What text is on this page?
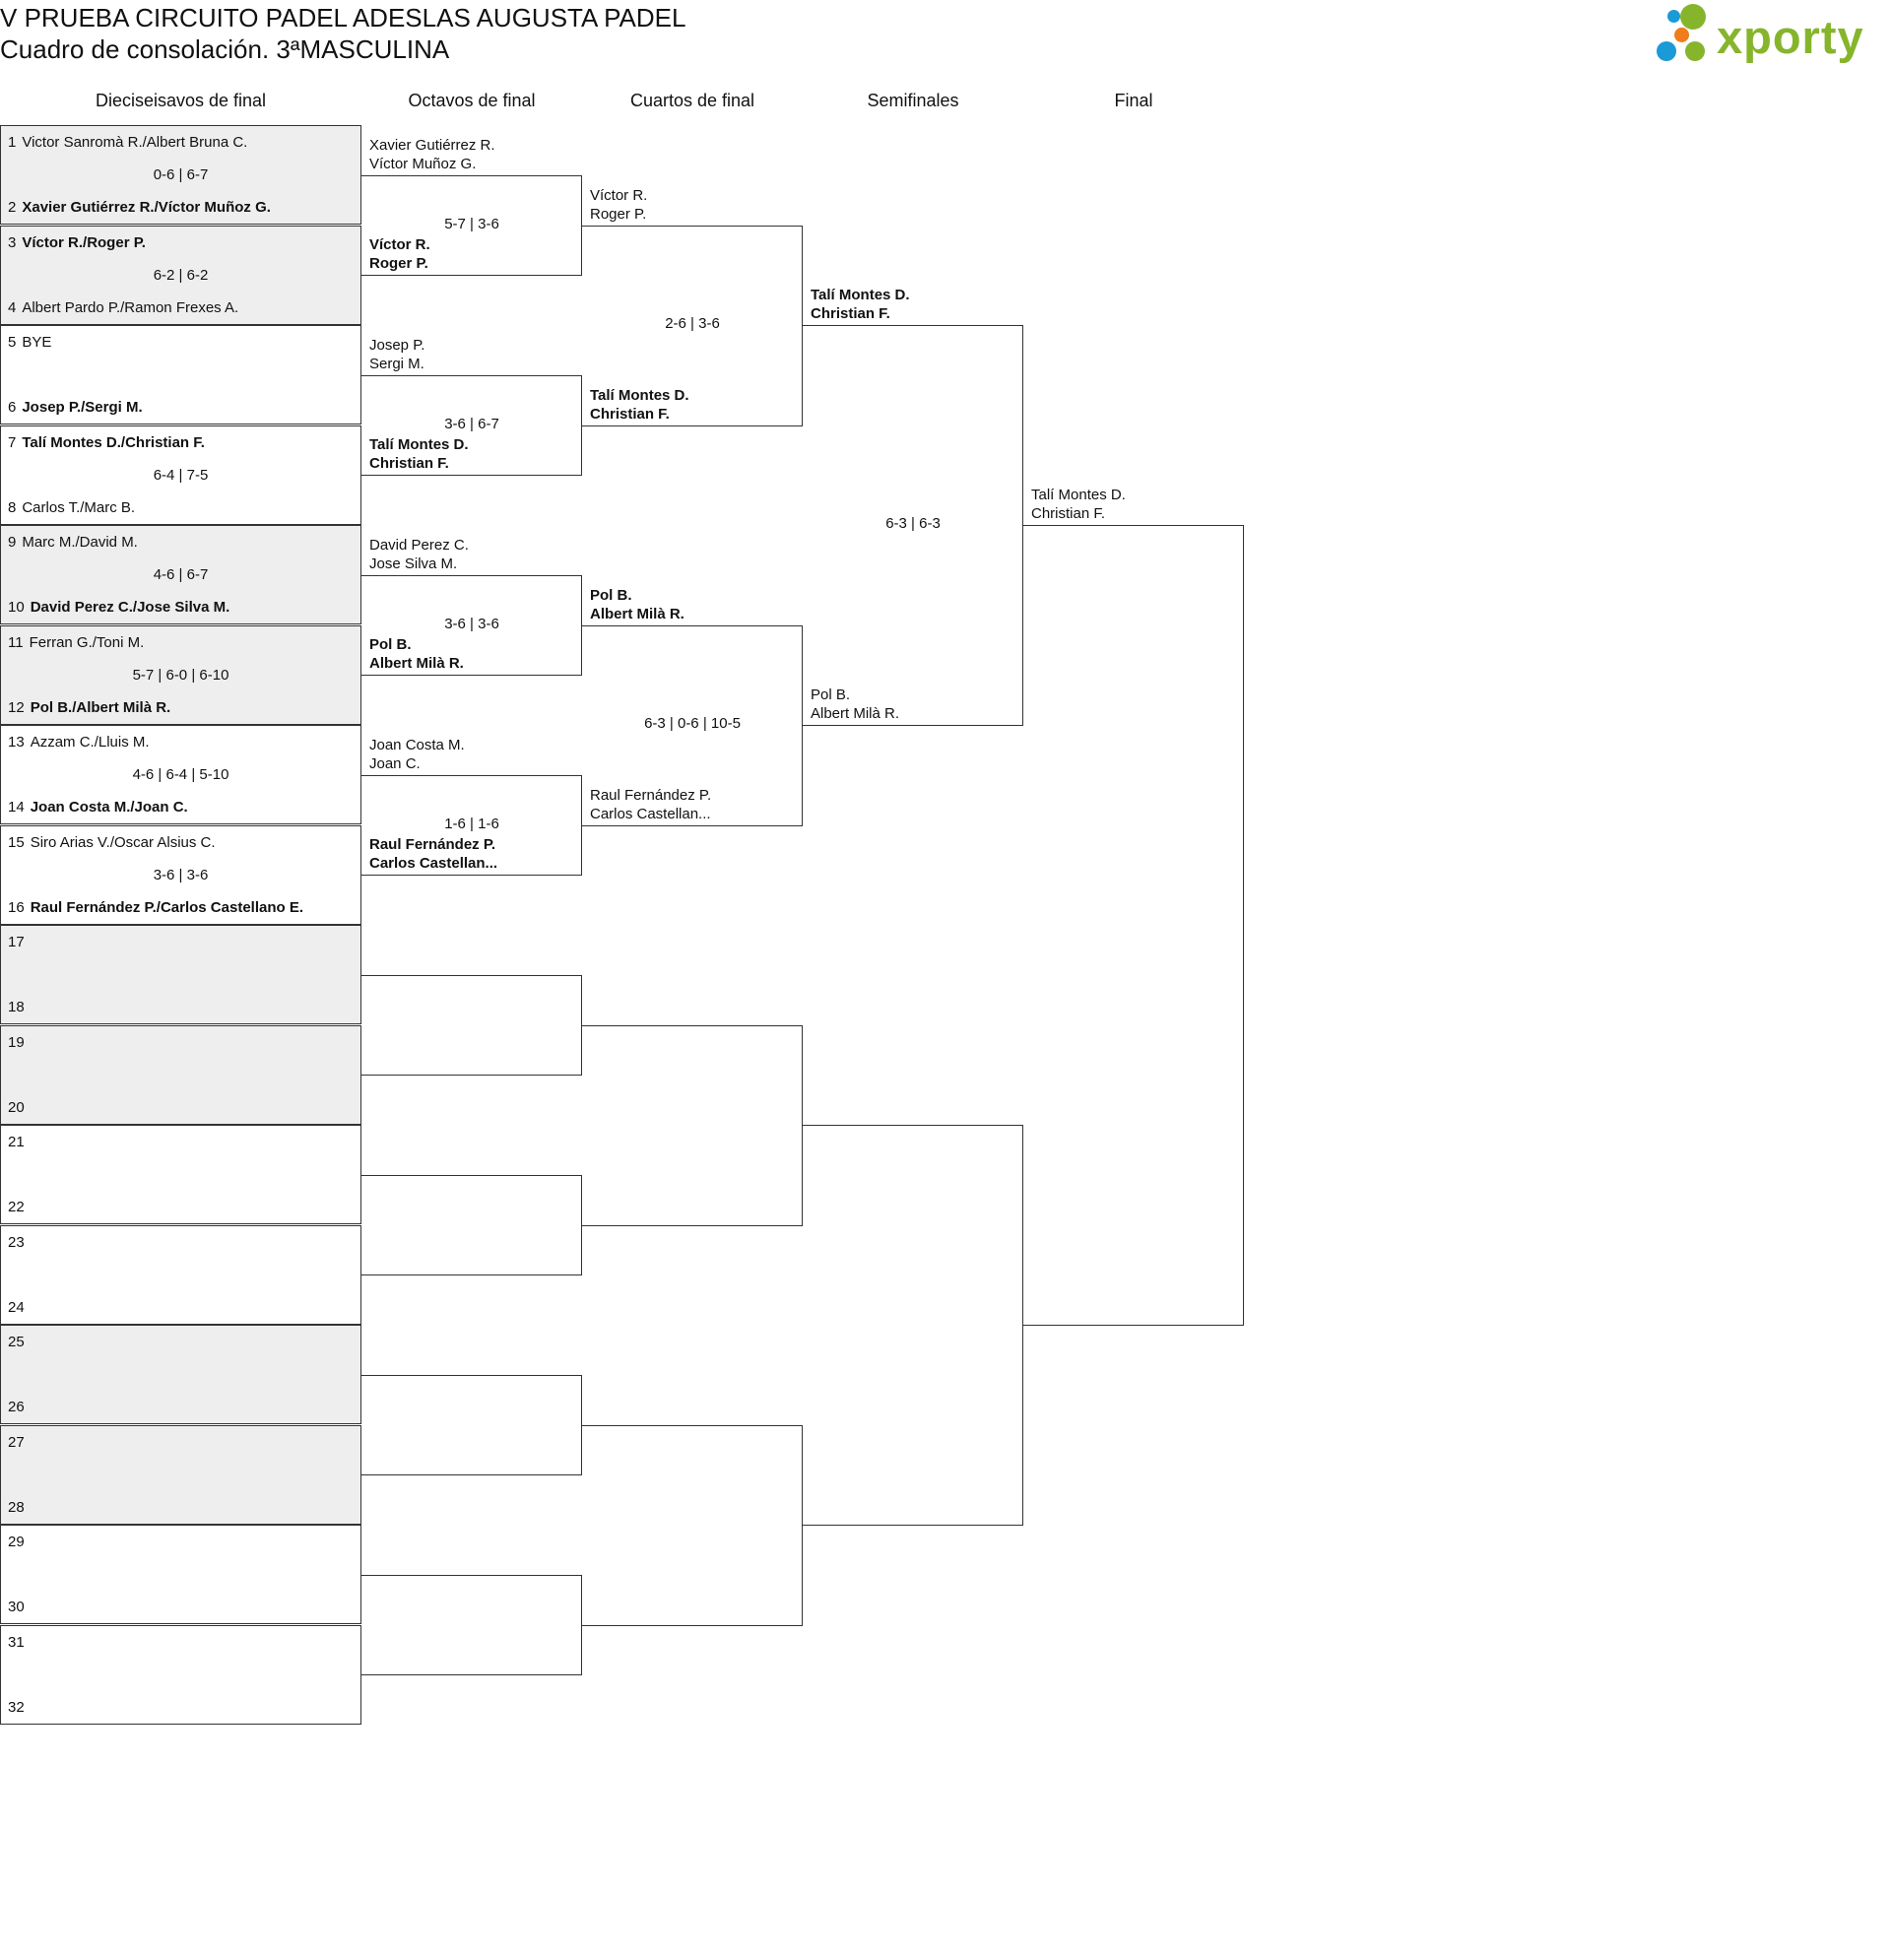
V PRUEBA CIRCUITO PADEL ADESLAS AUGUSTA PADEL
Cuadro de consolación. 3ªMASCULINA	xporty
Dieciseisavos de final	Octavos de final	Cuartos de final	Semifinales	Final
1 Victor Sanromà R./Albert Bruna C.
0-6 | 6-7
2 Xavier Gutiérrez R./Víctor Muñoz G.
3 Víctor R./Roger P.
6-2 | 6-2
4 Albert Pardo P./Ramon Frexes A.
5 BYE
6 Josep P./Sergi M.
7 Talí Montes D./Christian F.
6-4 | 7-5
8 Carlos T./Marc B.
9 Marc M./David M.
4-6 | 6-7
10 David Perez C./Jose Silva M.
11 Ferran G./Toni M.
5-7 | 6-0 | 6-10
12 Pol B./Albert Milà R.
13 Azzam C./Lluis M.
4-6 | 6-4 | 5-10
14 Joan Costa M./Joan C.
15 Siro Arias V./Oscar Alsius C.
3-6 | 3-6
16 Raul Fernández P./Carlos Castellano E.
17
18
19
20
21
22
23
24
25
26
27
28
29
30
31
32
Xavier Gutiérrez R.
Víctor Muñoz G.
Víctor R.
Roger P.
5-7 | 3-6
Josep P.
Sergi M.
Talí Montes D.
Christian F.
3-6 | 6-7
David Perez C.
Jose Silva M.
Pol B.
Albert Milà R.
3-6 | 3-6
Joan Costa M.
Joan C.
Raul Fernández P.
Carlos Castellan...
1-6 | 1-6
Víctor R.
Roger P.
Talí Montes D.
Christian F.
2-6 | 3-6
Pol B.
Albert Milà R.
Raul Fernández P.
Carlos Castellan...
6-3 | 0-6 | 10-5
Talí Montes D.
Christian F.
Pol B.
Albert Milà R.
6-3 | 6-3
Talí Montes D.
Christian F.
